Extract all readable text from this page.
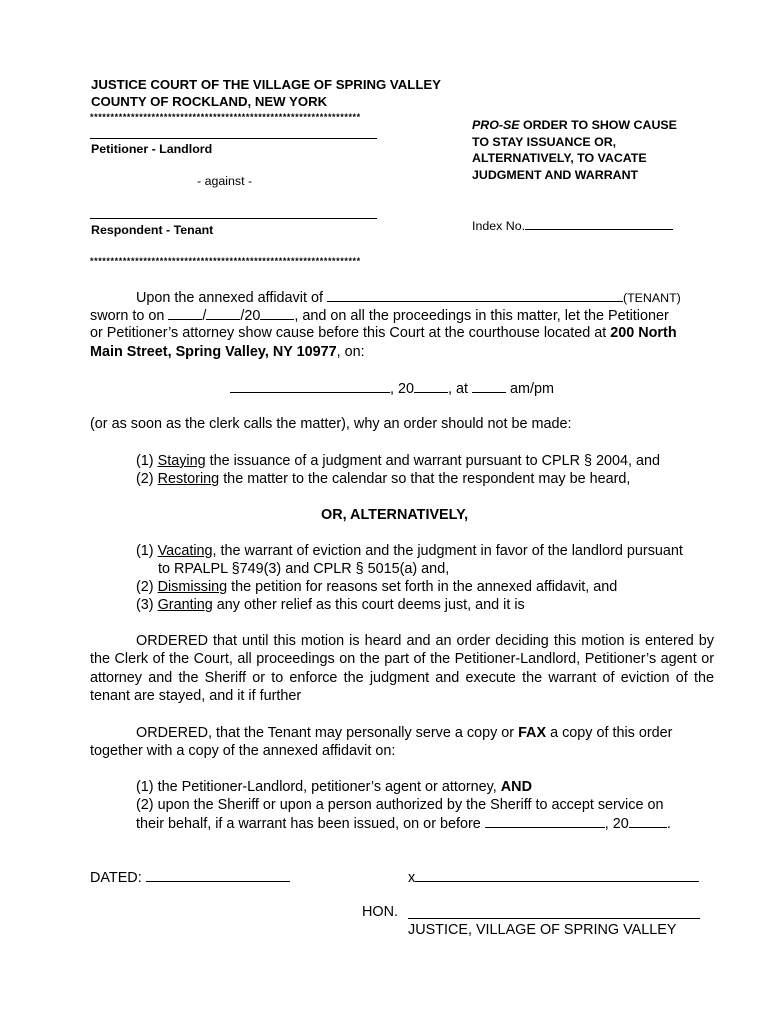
JUSTICE COURT OF THE VILLAGE OF SPRING VALLEY
COUNTY OF ROCKLAND, NEW YORK
******************************************************************
Petitioner - Landlord
- against -
Respondent - Tenant
******************************************************************
PRO-SE ORDER TO SHOW CAUSE
TO STAY ISSUANCE OR,
ALTERNATIVELY, TO VACATE
JUDGMENT AND WARRANT
Index No.
Upon the annexed affidavit of	(TENANT)
sworn to on	/ /20 , and on all the proceedings in this matter, let the Petitioner
or Petitioner’s attorney show cause before this Court at the courthouse located at 200 North
Main Street, Spring Valley, NY 10977, on:
, 20 , at	am/pm
(or as soon as the clerk calls the matter), why an order should not be made:
(1) Staying the issuance of a judgment and warrant pursuant to CPLR § 2004, and
(2) Restoring the matter to the calendar so that the respondent may be heard,
OR, ALTERNATIVELY,
(1) Vacating, the warrant of eviction and the judgment in favor of the landlord pursuant
to RPALPL §749(3) and CPLR § 5015(a) and,
(2) Dismissing the petition for reasons set forth in the annexed affidavit, and
(3) Granting any other relief as this court deems just, and it is
ORDERED that until this motion is heard and an order deciding this motion is entered by the Clerk of the Court, all proceedings on the part of the Petitioner-Landlord, Petitioner’s agent or attorney and the Sheriff or to enforce the judgment and execute the warrant of eviction of the tenant are stayed, and it if further
ORDERED, that the Tenant may personally serve a copy or FAX a copy of this order
together with a copy of the annexed affidavit on:
(1) the Petitioner-Landlord, petitioner’s agent or attorney, AND
(2) upon the Sheriff or upon a person authorized by the Sheriff to accept service on
their behalf, if a warrant has been issued, on or before	, 20	.
DATED:	x
HON.
JUSTICE, VILLAGE OF SPRING VALLEY
